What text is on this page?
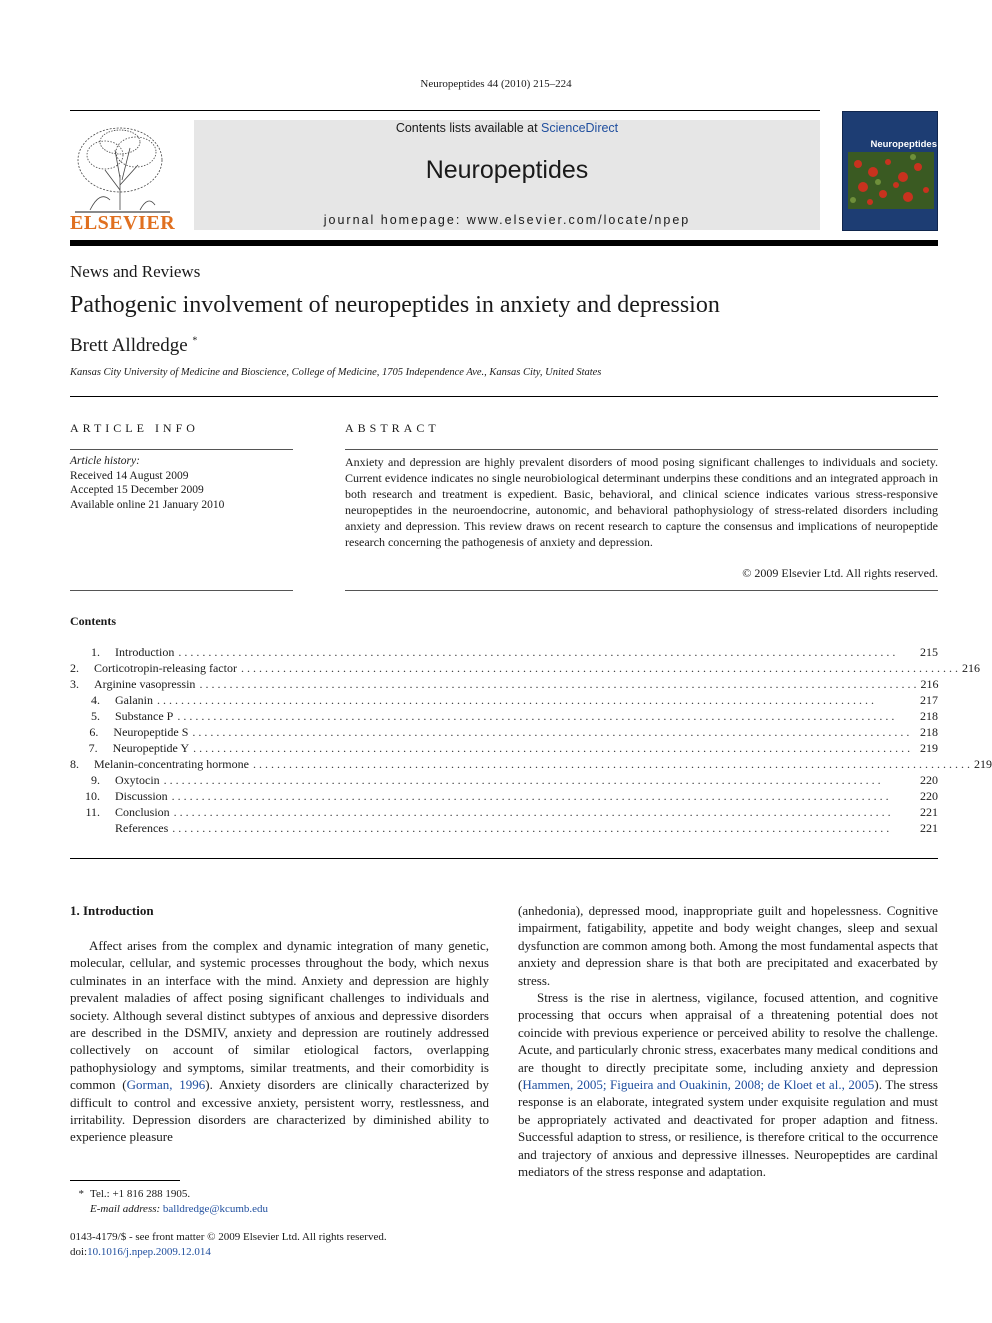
Neuropeptides 44 (2010) 215–224
ELSEVIER
Contents lists available at ScienceDirect
Neuropeptides
journal homepage: www.elsevier.com/locate/npep
Neuropeptides
News and Reviews
Pathogenic involvement of neuropeptides in anxiety and depression
Brett Alldredge *
Kansas City University of Medicine and Bioscience, College of Medicine, 1705 Independence Ave., Kansas City, United States
ARTICLE INFO
Article history:
Received 14 August 2009
Accepted 15 December 2009
Available online 21 January 2010
ABSTRACT
Anxiety and depression are highly prevalent disorders of mood posing significant challenges to individuals and society. Current evidence indicates no single neurobiological determinant underpins these conditions and an integrated approach in both research and treatment is expedient. Basic, behavioral, and clinical science indicates various stress-responsive neuropeptides in the neuroendocrine, autonomic, and behavioral pathophysiology of stress-related disorders including anxiety and depression. This review draws on recent research to capture the consensus and implications of neuropeptide research concerning the pathogenesis of anxiety and depression.
© 2009 Elsevier Ltd. All rights reserved.
Contents
1.	Introduction . . . . . . . . . . . . . . . . . . . . . . . . . . . . . . . . . . . . . . . . . . . . . . . . . . . . . . . . . . . . . . . . . . . . . . . . . . . . . . . . . . . . . . . . . . . . . . . . . . . . . . . . . . . . . . . . . . . . . . . .	215
2.	Corticotropin-releasing factor . . . . . . . . . . . . . . . . . . . . . . . . . . . . . . . . . . . . . . . . . . . . . . . . . . . . . . . . . . . . . . . . . . . . . . . . . . . . . . . . . . . . . . . . . . . . . . . . . . . . . . . . . . . . . . . . . . . . . . . . 216
3.	Arginine vasopressin . . . . . . . . . . . . . . . . . . . . . . . . . . . . . . . . . . . . . . . . . . . . . . . . . . . . . . . . . . . . . . . . . . . . . . . . . . . . . . . . . . . . . . . . . . . . . . . . . . . . . . . . . . . . . . . . . . . . . . . . 216
4.	Galanin . . . . . . . . . . . . . . . . . . . . . . . . . . . . . . . . . . . . . . . . . . . . . . . . . . . . . . . . . . . . . . . . . . . . . . . . . . . . . . . . . . . . . . . . . . . . . . . . . . . . . . . . . . . . . . . . . . . . . . . .	217
5.	Substance P . . . . . . . . . . . . . . . . . . . . . . . . . . . . . . . . . . . . . . . . . . . . . . . . . . . . . . . . . . . . . . . . . . . . . . . . . . . . . . . . . . . . . . . . . . . . . . . . . . . . . . . . . . . . . . . . . . . . . . . .	218
6.	Neuropeptide S . . . . . . . . . . . . . . . . . . . . . . . . . . . . . . . . . . . . . . . . . . . . . . . . . . . . . . . . . . . . . . . . . . . . . . . . . . . . . . . . . . . . . . . . . . . . . . . . . . . . . . . . . . . . . . . . . . . . . . . . 218
7.	Neuropeptide Y . . . . . . . . . . . . . . . . . . . . . . . . . . . . . . . . . . . . . . . . . . . . . . . . . . . . . . . . . . . . . . . . . . . . . . . . . . . . . . . . . . . . . . . . . . . . . . . . . . . . . . . . . . . . . . . . . . . . . . . . 219
8.	Melanin-concentrating hormone . . . . . . . . . . . . . . . . . . . . . . . . . . . . . . . . . . . . . . . . . . . . . . . . . . . . . . . . . . . . . . . . . . . . . . . . . . . . . . . . . . . . . . . . . . . . . . . . . . . . . . . . . . . . . . . . . . . . . . . . 219
9.	Oxytocin . . . . . . . . . . . . . . . . . . . . . . . . . . . . . . . . . . . . . . . . . . . . . . . . . . . . . . . . . . . . . . . . . . . . . . . . . . . . . . . . . . . . . . . . . . . . . . . . . . . . . . . . . . . . . . . . . . . . . . . .	220
10.	Discussion . . . . . . . . . . . . . . . . . . . . . . . . . . . . . . . . . . . . . . . . . . . . . . . . . . . . . . . . . . . . . . . . . . . . . . . . . . . . . . . . . . . . . . . . . . . . . . . . . . . . . . . . . . . . . . . . . . . . . . . .	220
11.	Conclusion . . . . . . . . . . . . . . . . . . . . . . . . . . . . . . . . . . . . . . . . . . . . . . . . . . . . . . . . . . . . . . . . . . . . . . . . . . . . . . . . . . . . . . . . . . . . . . . . . . . . . . . . . . . . . . . . . . . . . . . .	221
References . . . . . . . . . . . . . . . . . . . . . . . . . . . . . . . . . . . . . . . . . . . . . . . . . . . . . . . . . . . . . . . . . . . . . . . . . . . . . . . . . . . . . . . . . . . . . . . . . . . . . . . . . . . . . . . . . . . . . . . .	221
1. Introduction

Affect arises from the complex and dynamic integration of many genetic, molecular, cellular, and systemic processes throughout the body, which nexus culminates in an interface with the mind. Anxiety and depression are highly prevalent maladies of affect posing significant challenges to individuals and society. Although several distinct subtypes of anxious and depressive disorders are described in the DSMIV, anxiety and depression are routinely addressed collectively on account of similar etiological factors, overlapping pathophysiology and symptoms, similar treatments, and their comorbidity is common (Gorman, 1996). Anxiety disorders are clinically characterized by difficult to control and excessive anxiety, persistent worry, restlessness, and irritability. Depression disorders are characterized by diminished ability to experience pleasure

(anhedonia), depressed mood, inappropriate guilt and hopelessness. Cognitive impairment, fatigability, appetite and body weight changes, sleep and sexual dysfunction are common among both. Among the most fundamental aspects that anxiety and depression share is that both are precipitated and exacerbated by stress.

Stress is the rise in alertness, vigilance, focused attention, and cognitive processing that occurs when appraisal of a threatening potential does not coincide with previous experience or perceived ability to resolve the challenge. Acute, and particularly chronic stress, exacerbates many medical conditions and are thought to directly precipitate some, including anxiety and depression (Hammen, 2005; Figueira and Ouakinin, 2008; de Kloet et al., 2005). The stress response is an elaborate, integrated system under exquisite regulation and must be appropriately activated and deactivated for proper adaption and fitness. Successful adaption to stress, or resilience, is therefore critical to the occurrence and trajectory of anxious and depressive illnesses. Neuropeptides are cardinal mediators of the stress response and adaptation.

* Tel.: +1 816 288 1905.
E-mail address: balldredge@kcumb.edu
0143-4179/$ - see front matter © 2009 Elsevier Ltd. All rights reserved.
doi:10.1016/j.npep.2009.12.014
